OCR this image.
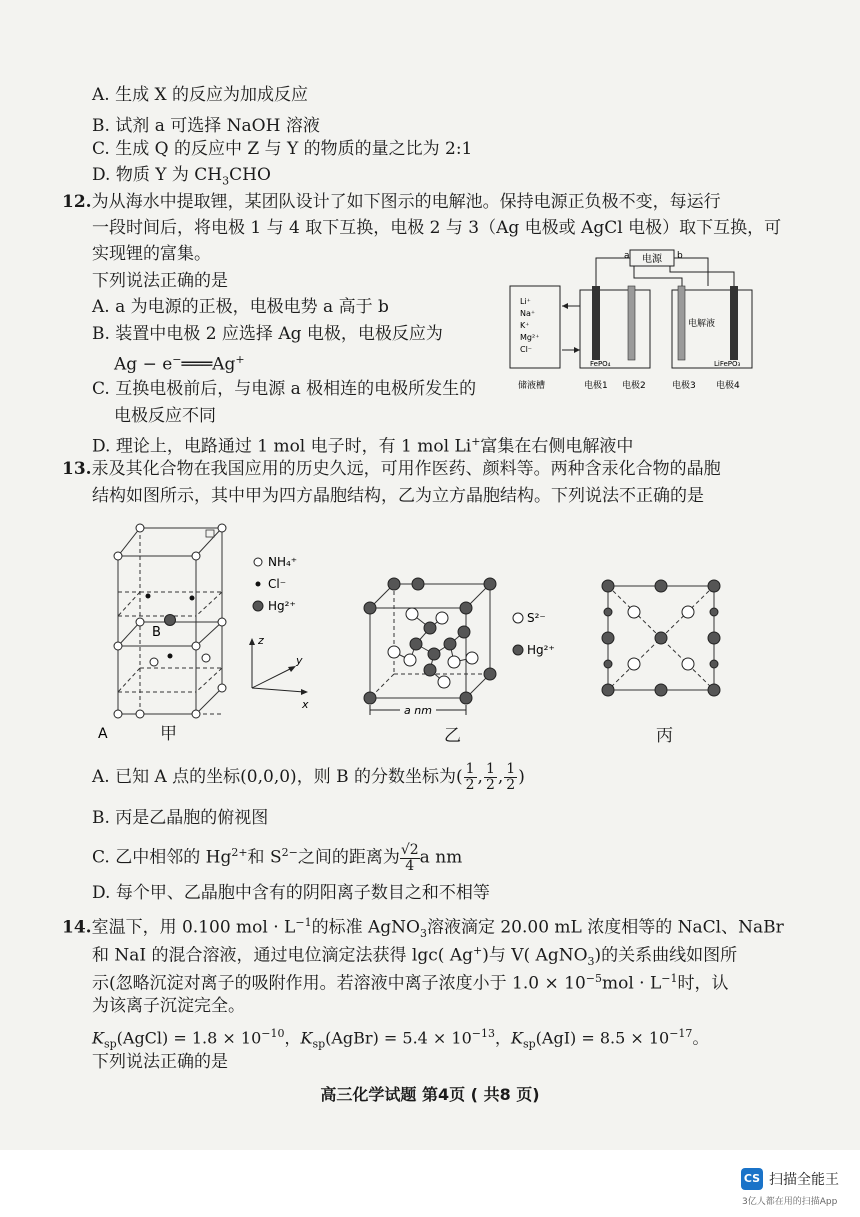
A. 生成 X 的反应为加成反应
B. 试剂 a 可选择 NaOH 溶液
C. 生成 Q 的反应中 Z 与 Y 的物质的量之比为 2:1
D. 物质 Y 为 $CH_3CHO$
12.为从海水中提取锂，某团队设计了如下图示的电解池。保持电源正负极不变，每运行
一段时间后，将电极 1 与 4 取下互换，电极 2 与 3（Ag 电极或 AgCl 电极）取下互换，可
实现锂的富集。
下列说法正确的是
A. a 为电源的正极，电极电势 a 高于 b
B. 装置中电极 2 应选择 Ag 电极，电极反应为
Ag − e−═══Ag+
C. 互换电极前后，与电源 a 极相连的电极所发生的
电极反应不同
D. 理论上，电路通过 1 mol 电子时，有 1 mol Li+富集在右侧电解液中
电源
a	b
Li⁺
Na⁺
K⁺
Mg²⁺
Cl⁻
FePO₄
电解液
LiFePO₃
储液槽	电极1 电极2	电极3 电极4
13.汞及其化合物在我国应用的历史久远，可用作医药、颜料等。两种含汞化合物的晶胞
结构如图所示，其中甲为四方晶胞结构，乙为立方晶胞结构。下列说法不正确的是
B
A
NH₄⁺
Cl⁻
Hg²⁺
z
y
x
甲
a nm
S²⁻
Hg²⁺
乙	丙
A. 已知 A 点的坐标(0,0,0)，则 B 的分数坐标为( $\frac{1}{2}$ , $\frac{1}{2}$ , $\frac{1}{2}$ )
B. 丙是乙晶胞的俯视图
C. 乙中相邻的 $Hg^{2+}$和 $S^{2-}$之间的距离为 $\frac{√2}{4}$ a nm
D. 每个甲、乙晶胞中含有的阴阳离子数目之和不相等
14.室温下，用 0.100 mol · $L^{-1}$的标准 AgNO$_3$溶液滴定 20.00 mL 浓度相等的 NaCl、NaBr
和 NaI 的混合溶液，通过电位滴定法获得 lgc( Ag+)与 V( AgNO$_3$)的关系曲线如图所
示(忽略沉淀对离子的吸附作用。若溶液中离子浓度小于 $1.0 \times 10^{-5}mol \cdot L^{-1}$时，认
为该离子沉淀完全。
$K_{sp}(AgCl) = 1.8 \times 10^{-10}$，$K_{sp}(AgBr) = 5.4 \times 10^{-13}$，$K_{sp}(AgI) = 8.5 \times 10^{-17}$。
下列说法正确的是
高三化学试题 第4页 ( 共8 页)
CS 扫描全能王
3亿人都在用的扫描App
